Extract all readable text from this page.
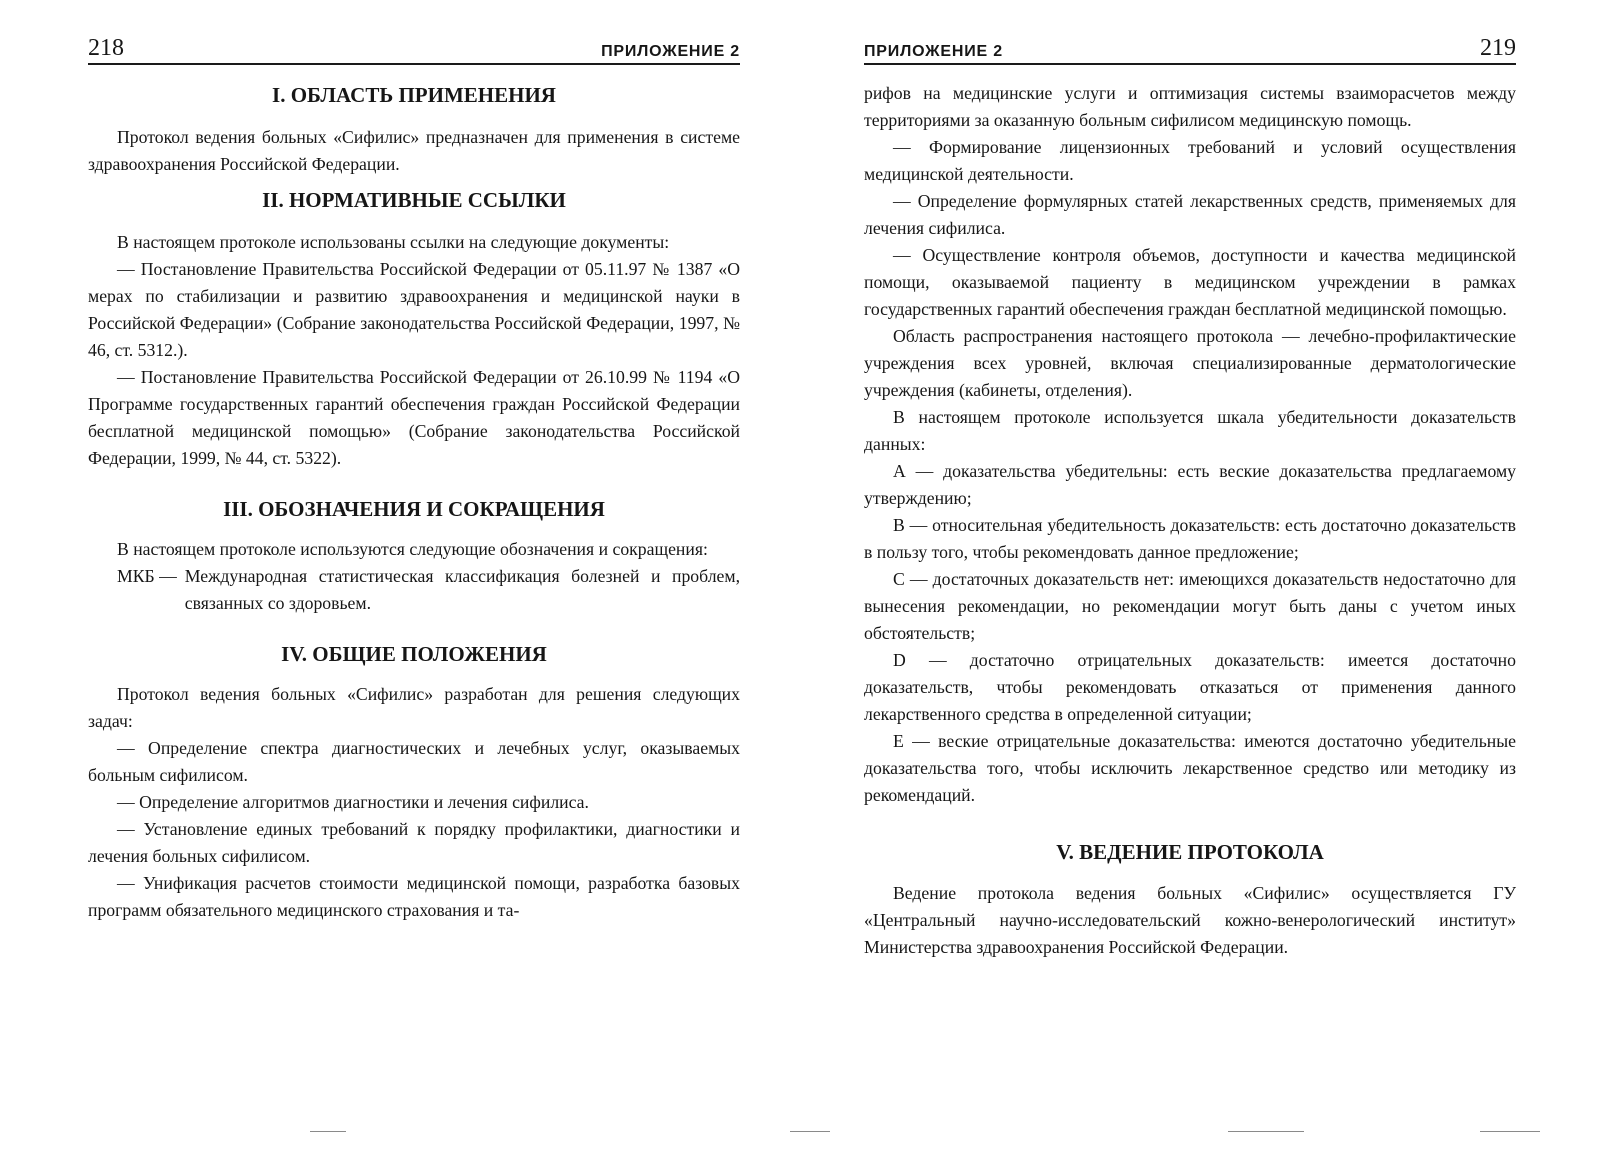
218	ПРИЛОЖЕНИЕ 2
I. ОБЛАСТЬ ПРИМЕНЕНИЯ

Протокол ведения больных «Сифилис» предназначен для применения в системе здравоохранения Российской Федерации.

II. НОРМАТИВНЫЕ ССЫЛКИ

В настоящем протоколе использованы ссылки на следующие документы:

— Постановление Правительства Российской Федерации от 05.11.97 № 1387 «О мерах по стабилизации и развитию здравоохранения и медицинской науки в Российской Федерации» (Собрание законодательства Российской Федерации, 1997, № 46, ст. 5312.).

— Постановление Правительства Российской Федерации от 26.10.99 № 1194 «О Программе государственных гарантий обеспечения граждан Российской Федерации бесплатной медицинской помощью» (Собрание законодательства Российской Федерации, 1999, № 44, ст. 5322).

III. ОБОЗНАЧЕНИЯ И СОКРАЩЕНИЯ

В настоящем протоколе используются следующие обозначения и сокращения:

МКБ — Международная статистическая классификация болезней и проблем, связанных со здоровьем.
IV. ОБЩИЕ ПОЛОЖЕНИЯ

Протокол ведения больных «Сифилис» разработан для решения следующих задач:

— Определение спектра диагностических и лечебных услуг, оказываемых больным сифилисом.

— Определение алгоритмов диагностики и лечения сифилиса.

— Установление единых требований к порядку профилактики, диагностики и лечения больных сифилисом.

— Унификация расчетов стоимости медицинской помощи, разработка базовых программ обязательного медицинского страхования и та-

ПРИЛОЖЕНИЕ 2	219

рифов на медицинские услуги и оптимизация системы взаиморасчетов между территориями за оказанную больным сифилисом медицинскую помощь.

— Формирование лицензионных требований и условий осуществления медицинской деятельности.

— Определение формулярных статей лекарственных средств, применяемых для лечения сифилиса.

— Осуществление контроля объемов, доступности и качества медицинской помощи, оказываемой пациенту в медицинском учреждении в рамках государственных гарантий обеспечения граждан бесплатной медицинской помощью.

Область распространения настоящего протокола — лечебно-профилактические учреждения всех уровней, включая специализированные дерматологические учреждения (кабинеты, отделения).

В настоящем протоколе используется шкала убедительности доказательств данных:

А — доказательства убедительны: есть веские доказательства предлагаемому утверждению;

В — относительная убедительность доказательств: есть достаточно доказательств в пользу того, чтобы рекомендовать данное предложение;

С — достаточных доказательств нет: имеющихся доказательств недостаточно для вынесения рекомендации, но рекомендации могут быть даны с учетом иных обстоятельств;

D — достаточно отрицательных доказательств: имеется достаточно доказательств, чтобы рекомендовать отказаться от применения данного лекарственного средства в определенной ситуации;

Е — веские отрицательные доказательства: имеются достаточно убедительные доказательства того, чтобы исключить лекарственное средство или методику из рекомендаций.

V. ВЕДЕНИЕ ПРОТОКОЛА

Ведение протокола ведения больных «Сифилис» осуществляется ГУ «Центральный научно-исследовательский кожно-венерологический институт» Министерства здравоохранения Российской Федерации.
